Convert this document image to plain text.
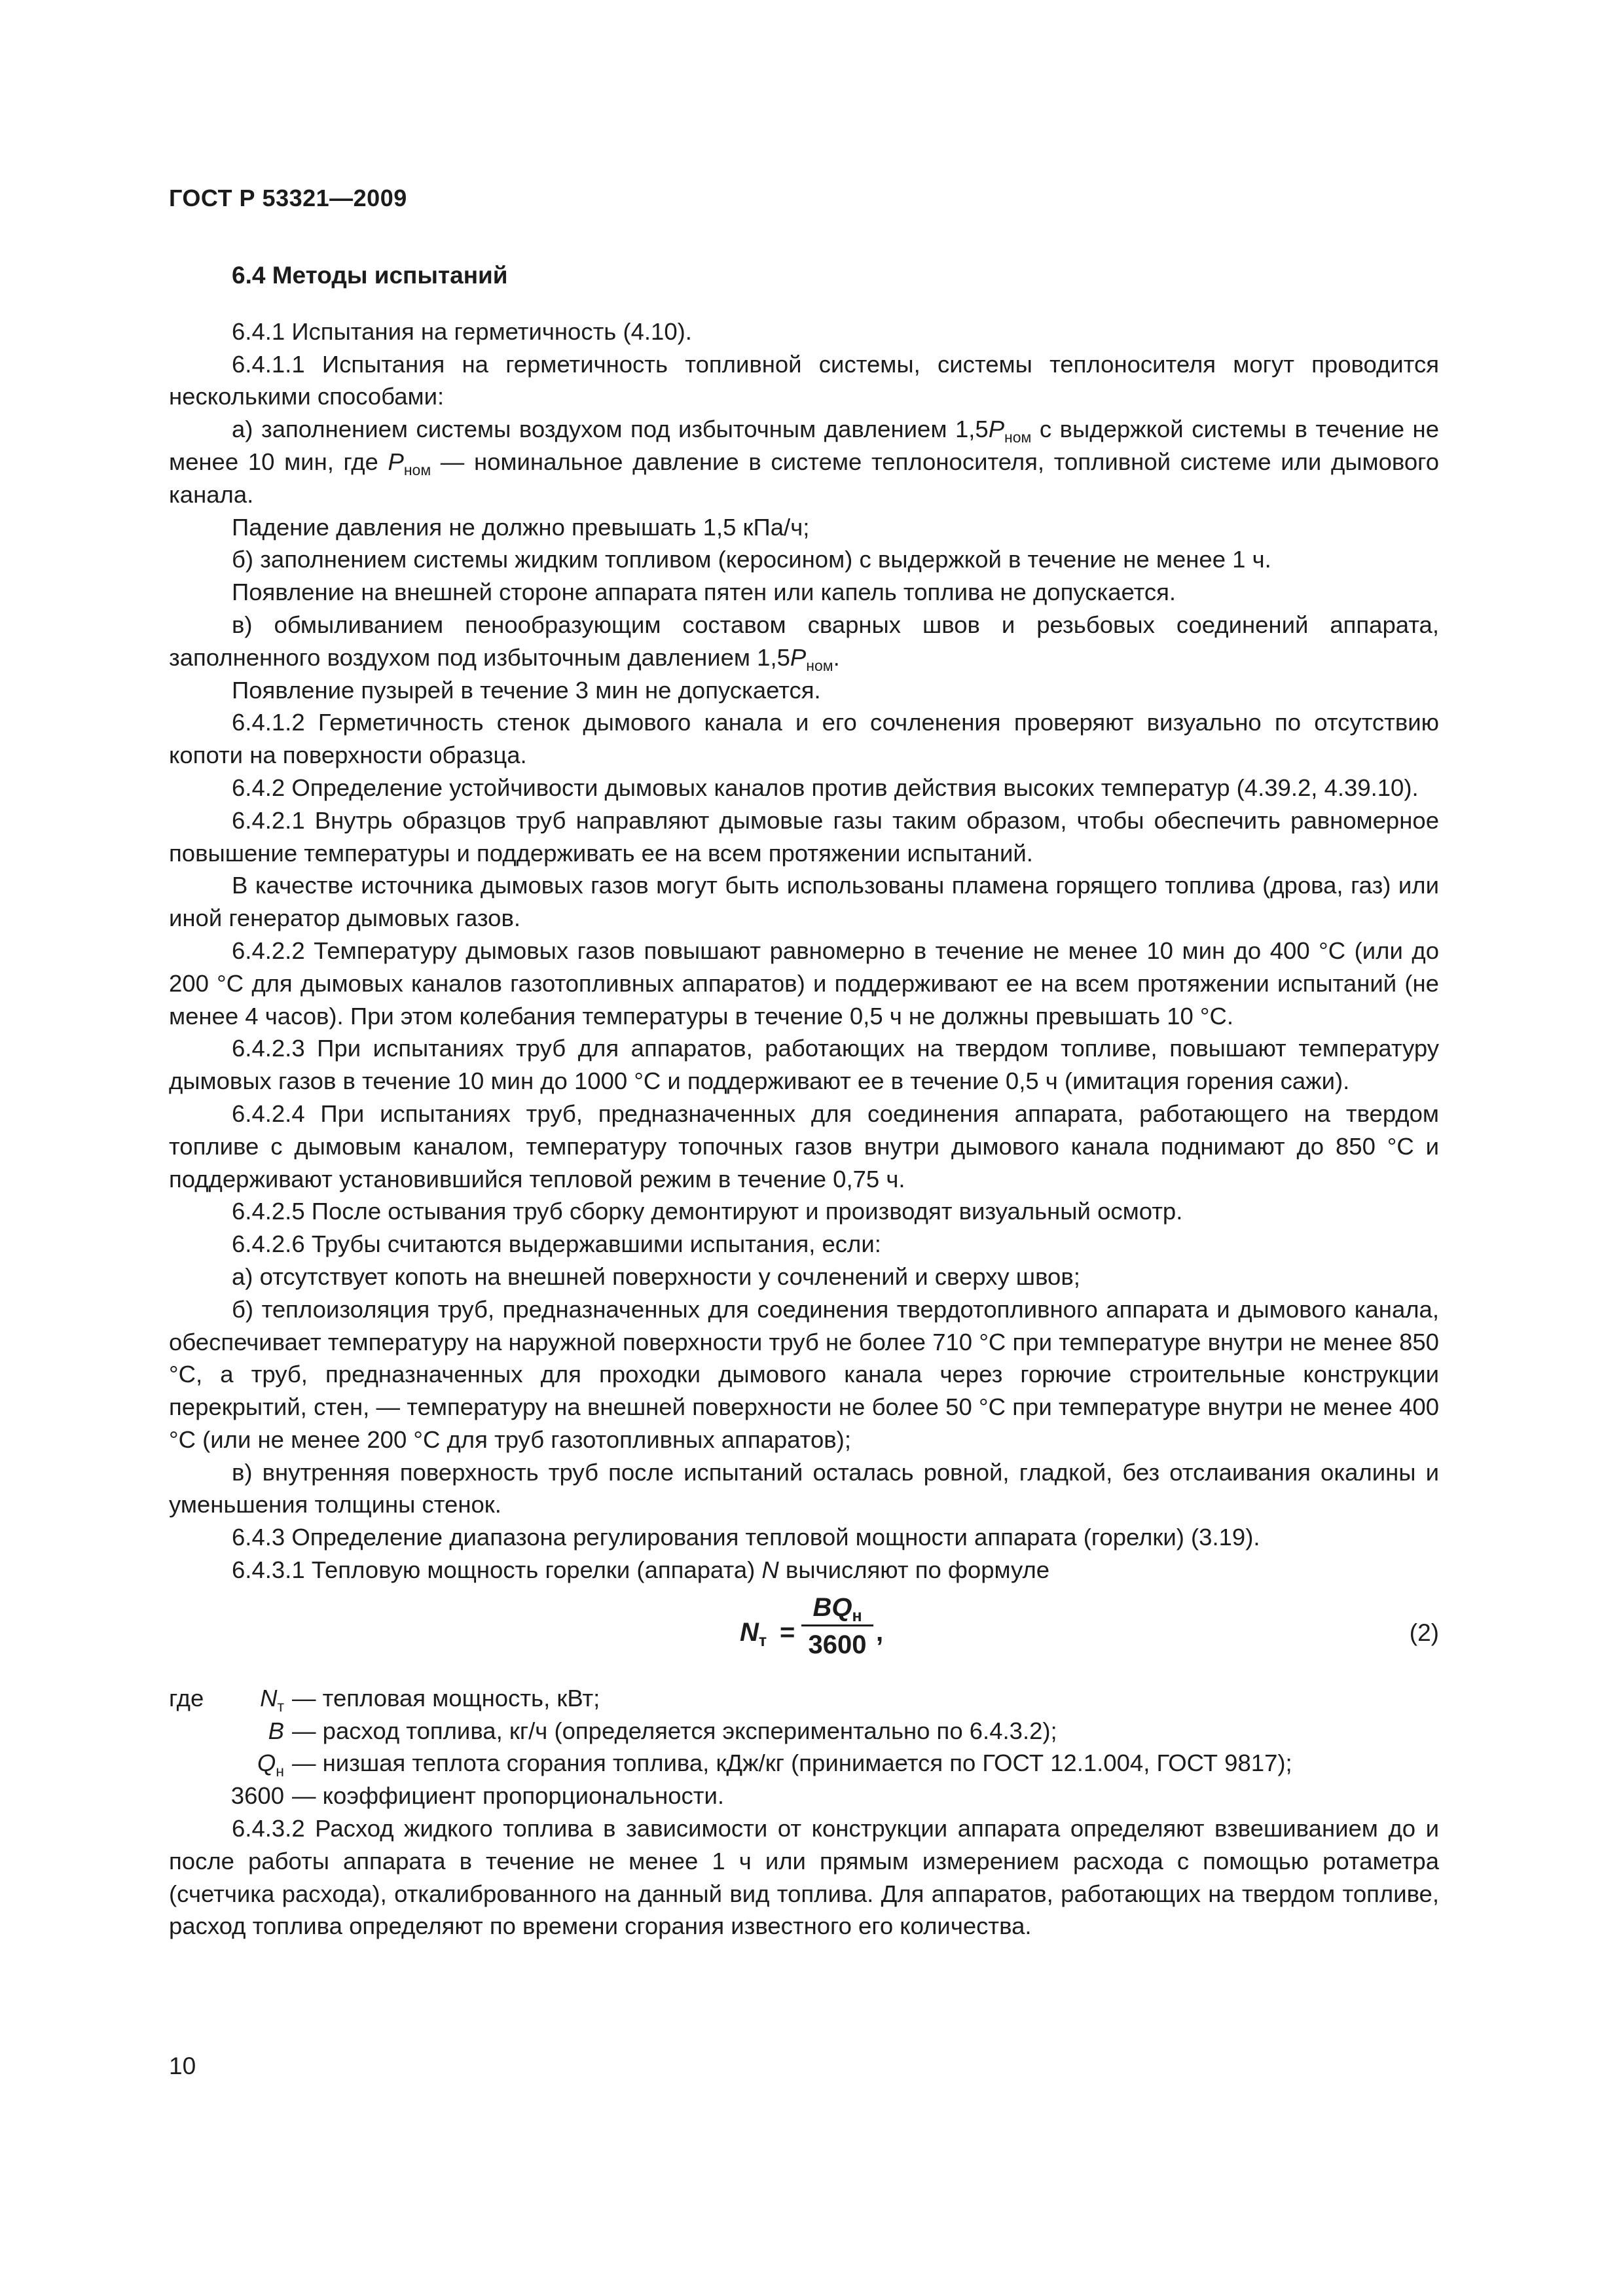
ГОСТ Р 53321—2009
6.4 Методы испытаний

6.4.1 Испытания на герметичность (4.10).

6.4.1.1 Испытания на герметичность топливной системы, системы теплоносителя могут проводится несколькими способами:

а) заполнением системы воздухом под избыточным давлением $1,5P_{ном}$ с выдержкой системы в течение не менее 10 мин, где $P_{ном}$ — номинальное давление в системе теплоносителя, топливной системе или дымового канала.

Падение давления не должно превышать 1,5 кПа/ч;

б) заполнением системы жидким топливом (керосином) с выдержкой в течение не менее 1 ч.

Появление на внешней стороне аппарата пятен или капель топлива не допускается.

в) обмыливанием пенообразующим составом сварных швов и резьбовых соединений аппарата, заполненного воздухом под избыточным давлением $1,5P_{ном}$.

Появление пузырей в течение 3 мин не допускается.

6.4.1.2 Герметичность стенок дымового канала и его сочленения проверяют визуально по отсутствию копоти на поверхности образца.

6.4.2 Определение устойчивости дымовых каналов против действия высоких температур (4.39.2, 4.39.10).

6.4.2.1 Внутрь образцов труб направляют дымовые газы таким образом, чтобы обеспечить равномерное повышение температуры и поддерживать ее на всем протяжении испытаний.

В качестве источника дымовых газов могут быть использованы пламена горящего топлива (дрова, газ) или иной генератор дымовых газов.

6.4.2.2 Температуру дымовых газов повышают равномерно в течение не менее 10 мин до 400 °С (или до 200 °С для дымовых каналов газотопливных аппаратов) и поддерживают ее на всем протяжении испытаний (не менее 4 часов). При этом колебания температуры в течение 0,5 ч не должны превышать 10 °С.

6.4.2.3 При испытаниях труб для аппаратов, работающих на твердом топливе, повышают температуру дымовых газов в течение 10 мин до 1000 °С и поддерживают ее в течение 0,5 ч (имитация горения сажи).

6.4.2.4 При испытаниях труб, предназначенных для соединения аппарата, работающего на твердом топливе с дымовым каналом, температуру топочных газов внутри дымового канала поднимают до 850 °С и поддерживают установившийся тепловой режим в течение 0,75 ч.

6.4.2.5 После остывания труб сборку демонтируют и производят визуальный осмотр.

6.4.2.6 Трубы считаются выдержавшими испытания, если:

а) отсутствует копоть на внешней поверхности у сочленений и сверху швов;

б) теплоизоляция труб, предназначенных для соединения твердотопливного аппарата и дымового канала, обеспечивает температуру на наружной поверхности труб не более 710 °С при температуре внутри не менее 850 °С, а труб, предназначенных для проходки дымового канала через горючие строительные конструкции перекрытий, стен, — температуру на внешней поверхности не более 50 °С при температуре внутри не менее 400 °С (или не менее 200 °С для труб газотопливных аппаратов);

в) внутренняя поверхность труб после испытаний осталась ровной, гладкой, без отслаивания окалины и уменьшения толщины стенок.

6.4.3 Определение диапазона регулирования тепловой мощности аппарата (горелки) (3.19).

6.4.3.1 Тепловую мощность горелки (аппарата) N вычисляют по формуле

$N_т$ =
$BQ_н$
3600 ,	(2)
где $N_т$ — тепловая мощность, кВт;
B — расход топлива, кг/ч (определяется экспериментально по 6.4.3.2);
$Q_н$ — низшая теплота сгорания топлива, кДж/кг (принимается по ГОСТ 12.1.004, ГОСТ 9817);
3600 — коэффициент пропорциональности.

6.4.3.2 Расход жидкого топлива в зависимости от конструкции аппарата определяют взвешиванием до и после работы аппарата в течение не менее 1 ч или прямым измерением расхода с помощью ротаметра (счетчика расхода), откалиброванного на данный вид топлива. Для аппаратов, работающих на твердом топливе, расход топлива определяют по времени сгорания известного его количества.

10
